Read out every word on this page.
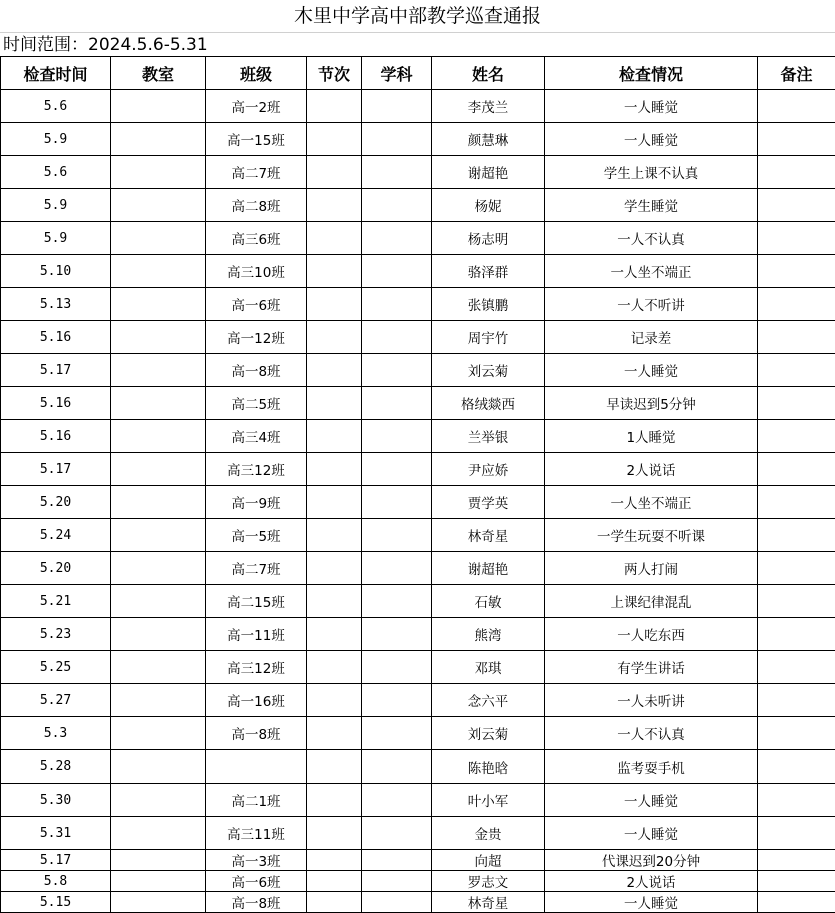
木里中学高中部教学巡查通报
时间范围：2024.5.6-5.31
检查时间	教室	班级	节次	学科	姓名	检查情况	备注
5.6		高一2班			李茂兰	一人睡觉	
5.9		高一15班			颜慧琳	一人睡觉	
5.6		高二7班			谢超艳	学生上课不认真	
5.9		高二8班			杨妮	学生睡觉	
5.9		高三6班			杨志明	一人不认真	
5.10		高三10班			骆泽群	一人坐不端正	
5.13		高一6班			张镇鹏	一人不听讲	
5.16		高一12班			周宇竹	记录差	
5.17		高一8班			刘云菊	一人睡觉	
5.16		高二5班			格绒燚西	早读迟到5分钟	
5.16		高三4班			兰举银	1人睡觉	
5.17		高三12班			尹应娇	2人说话	
5.20		高一9班			贾学英	一人坐不端正	
5.24		高一5班			林奇星	一学生玩耍不听课	
5.20		高二7班			谢超艳	两人打闹	
5.21		高二15班			石敏	上课纪律混乱	
5.23		高一11班			熊湾	一人吃东西	
5.25		高三12班			邓琪	有学生讲话	
5.27		高一16班			念六平	一人未听讲	
5.3		高一8班			刘云菊	一人不认真	
5.28					陈艳晗	监考耍手机	
5.30		高二1班			叶小军	一人睡觉	
5.31		高三11班			金贵	一人睡觉	
5.17		高一3班			向超	代课迟到20分钟	
5.8		高一6班			罗志文	2人说话	
5.15		高一8班			林奇星	一人睡觉	
